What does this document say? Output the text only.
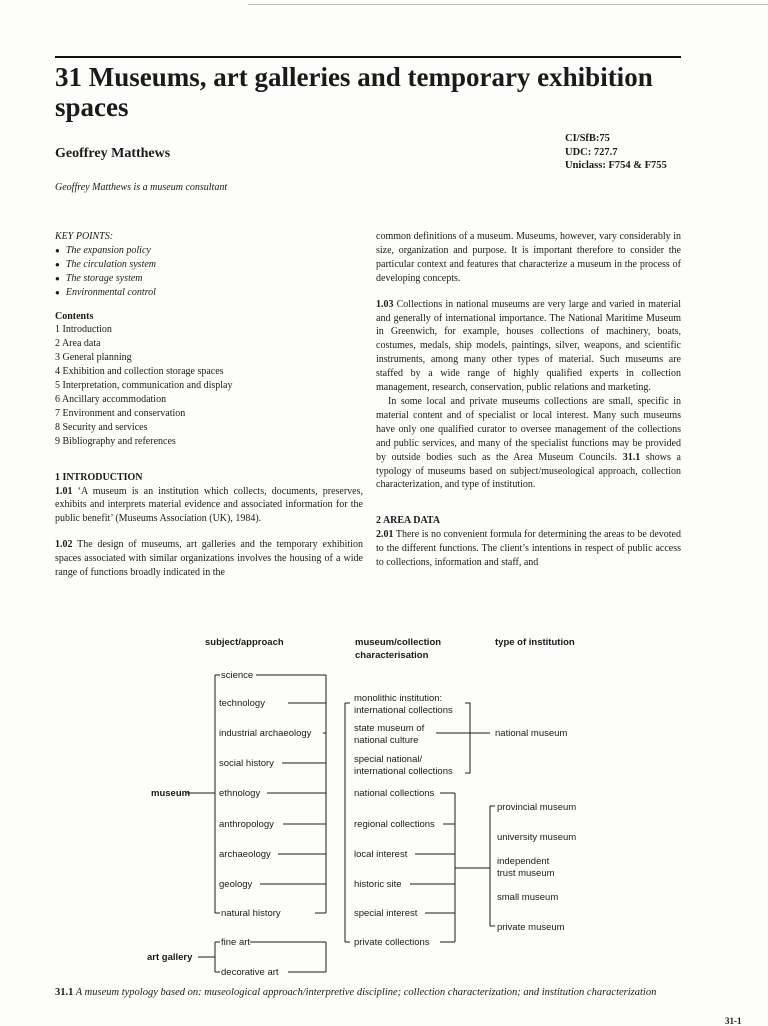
31 Museums, art galleries and temporary exhibition spaces
CI/SfB:75
UDC: 727.7
Uniclass: F754 & F755

Geoffrey Matthews

Geoffrey Matthews is a museum consultant
KEY POINTS:
● The expansion policy
● The circulation system
● The storage system
● Environmental control
Contents
1 Introduction
2 Area data
3 General planning
4 Exhibition and collection storage spaces
5 Interpretation, communication and display
6 Ancillary accommodation
7 Environment and conservation
8 Security and services
9 Bibliography and references
1 INTRODUCTION

1.01 ‘A museum is an institution which collects, documents, preserves, exhibits and interprets material evidence and associated information for the public benefit’ (Museums Association (UK), 1984).

1.02 The design of museums, art galleries and the temporary exhibition spaces associated with similar organizations involves the housing of a wide range of functions broadly indicated in the

common definitions of a museum. Museums, however, vary considerably in size, organization and purpose. It is important therefore to consider the particular context and features that characterize a museum in the process of developing concepts.

1.03 Collections in national museums are very large and varied in material and generally of international importance. The National Maritime Museum in Greenwich, for example, houses collections of machinery, boats, costumes, medals, ship models, paintings, silver, weapons, and scientific instruments, among many other types of material. Such museums are staffed by a wide range of highly qualified experts in collection management, research, conservation, public relations and marketing.

In some local and private museums collections are small, specific in material content and of specialist or local interest. Many such museums have only one qualified curator to oversee management of the collections and public services, and many of the specialist functions may be provided by outside bodies such as the Area Museum Councils. 31.1 shows a typology of museums based on subject/museological approach, collection characterization, and type of institution.

2 AREA DATA

2.01 There is no convenient formula for determining the areas to be devoted to the different functions. The client’s intentions in respect of public access to collections, information and staff, and

subject/approach	museum/collection
characterisation
type of institution
museum
art gallery
science
technology
industrial archaeology
social history
ethnology
anthropology
archaeology
geology
natural history
fine art
decorative art
monolithic institution:
international collections
state museum of
national culture
special national/
international collections
national collections
regional collections
local interest
historic site
special interest
private collections
national museum
provincial museum
university museum
independent
trust museum
small museum
private museum
31.1 A museum typology based on: museological approach/interpretive discipline; collection characterization; and institution characterization
31-1
